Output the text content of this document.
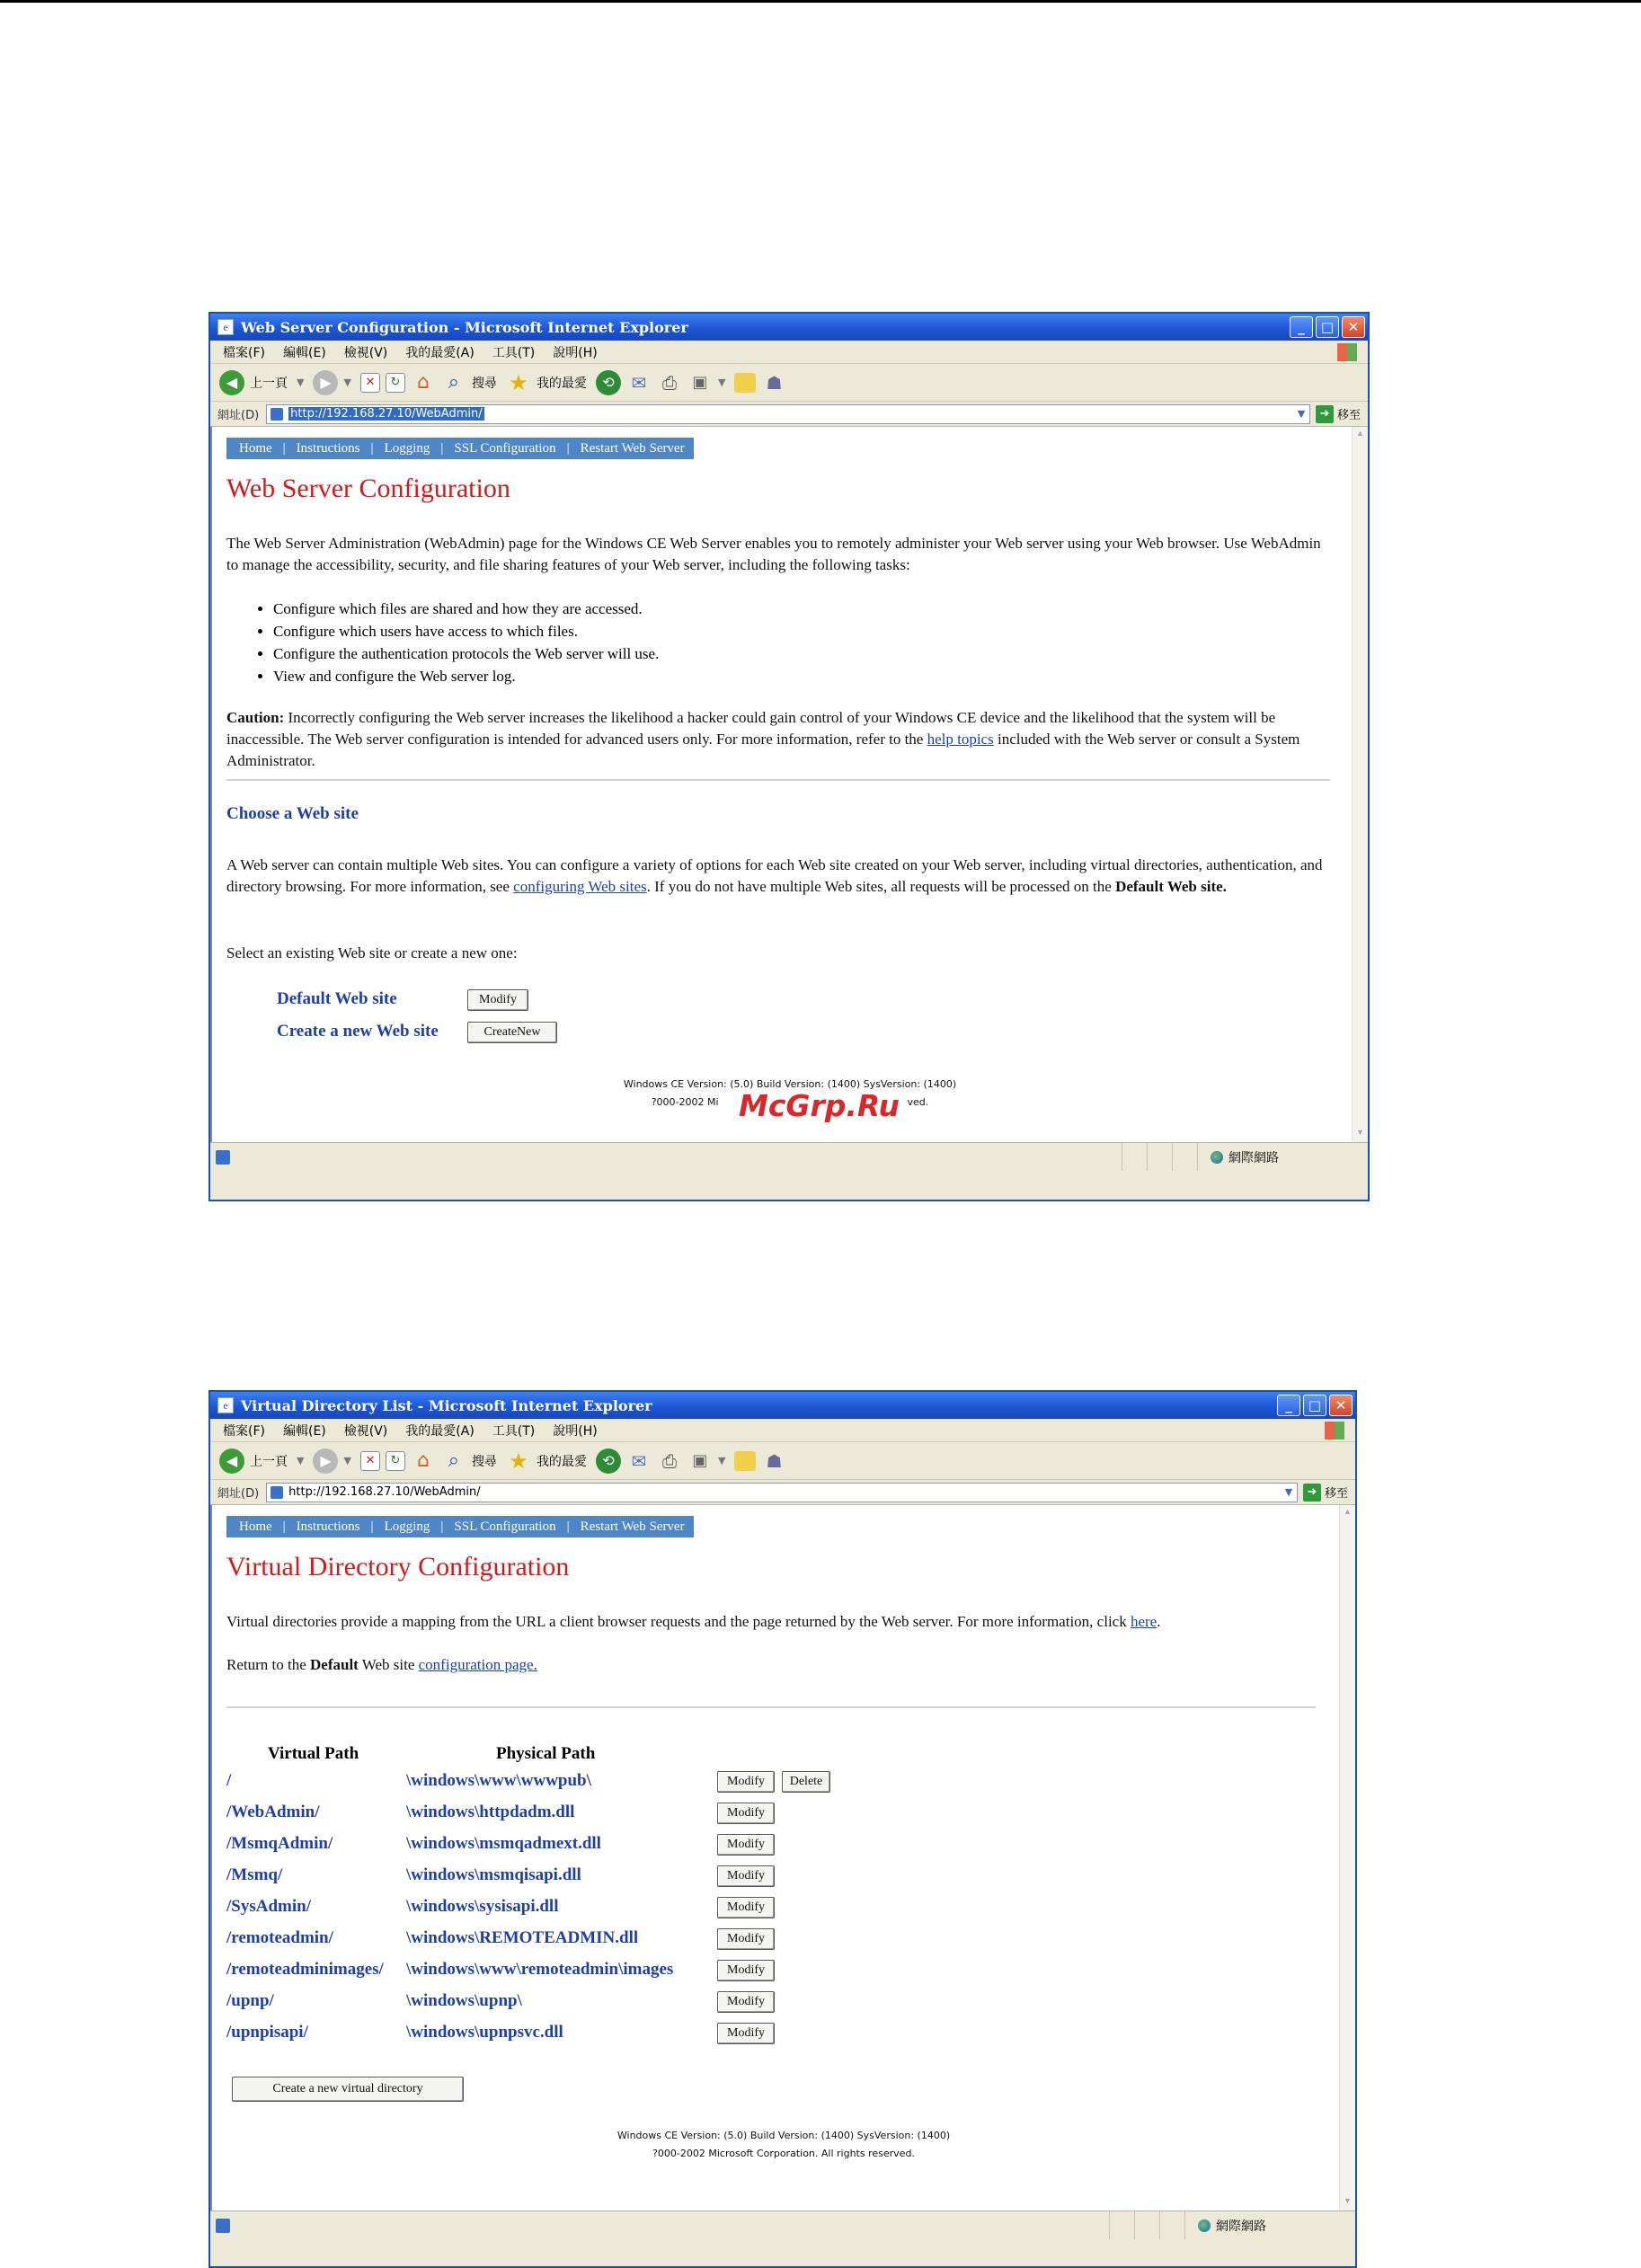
e Web Server Configuration - Microsoft Internet Explorer	_	□	✕
檔案(F) 編輯(E) 檢視(V) 我的最愛(A) 工具(T) 說明(H)
◀ 上一頁 ▼	▶	▼	✕	↻ ⌂ ⌕ 搜尋 ★ 我的最愛	⟲ ✉ ⎙ ▣	▼ ☗
網址(D)	http://192.168.27.10/WebAdmin/	▼	➜ 移至
Home | Instructions | Logging | SSL Configuration | Restart Web Server
Web Server Configuration
The Web Server Administration (WebAdmin) page for the Windows CE Web Server enables you to remotely administer your Web server using your Web browser. Use WebAdmin to manage the accessibility, security, and file sharing features of your Web server, including the following tasks:
• Configure which files are shared and how they are accessed.
• Configure which users have access to which files.
• Configure the authentication protocols the Web server will use.
• View and configure the Web server log.
Caution: Incorrectly configuring the Web server increases the likelihood a hacker could gain control of your Windows CE device and the likelihood that the system will be inaccessible. The Web server configuration is intended for advanced users only. For more information, refer to the help topics included with the Web server or consult a System Administrator.
Choose a Web site
A Web server can contain multiple Web sites. You can configure a variety of options for each Web site created on your Web server, including virtual directories, authentication, and directory browsing. For more information, see configuring Web sites. If you do not have multiple Web sites, all requests will be processed on the Default Web site.
Select an existing Web site or create a new one:
Default Web site	Modify
Create a new Web site	CreateNew
Windows CE Version: (5.0) Build Version: (1400) SysVersion: (1400)
?000-2002 Mi	ved.
McGrp.Ru
▲
▼
網際網路
e Virtual Directory List - Microsoft Internet Explorer	_	□	✕
檔案(F) 編輯(E) 檢視(V) 我的最愛(A) 工具(T) 說明(H)
◀ 上一頁 ▼	▶	▼	✕	↻ ⌂ ⌕ 搜尋 ★ 我的最愛	⟲ ✉ ⎙ ▣	▼ ☗
網址(D)	http://192.168.27.10/WebAdmin/	▼	➜ 移至
Home | Instructions | Logging | SSL Configuration | Restart Web Server
Virtual Directory Configuration
Virtual directories provide a mapping from the URL a client browser requests and the page returned by the Web server. For more information, click here.
Return to the Default Web site configuration page.
Virtual Path	Physical Path
/	\windows\www\wwwpub\	Modify	Delete
/WebAdmin/	\windows\httpdadm.dll	Modify
/MsmqAdmin/	\windows\msmqadmext.dll	Modify
/Msmq/	\windows\msmqisapi.dll	Modify
/SysAdmin/	\windows\sysisapi.dll	Modify
/remoteadmin/	\windows\REMOTEADMIN.dll	Modify
/remoteadminimages/ \windows\www\remoteadmin\images	Modify
/upnp/	\windows\upnp\	Modify
/upnpisapi/	\windows\upnpsvc.dll	Modify
Create a new virtual directory
Windows CE Version: (5.0) Build Version: (1400) SysVersion: (1400)
?000-2002 Microsoft Corporation. All rights reserved.
▲
▼
網際網路
